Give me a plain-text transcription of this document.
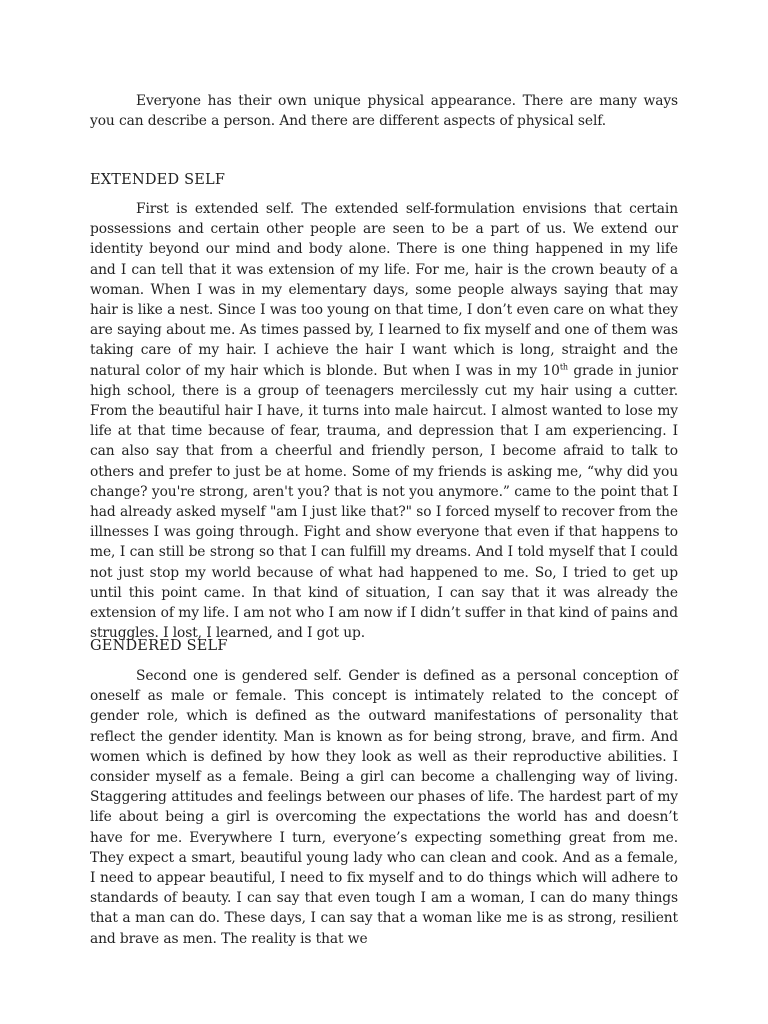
Everyone has their own unique physical appearance. There are many ways you can describe a person. And there are different aspects of physical self.

EXTENDED SELF

First is extended self. The extended self-formulation envisions that certain possessions and certain other people are seen to be a part of us. We extend our identity beyond our mind and body alone. There is one thing happened in my life and I can tell that it was extension of my life. For me, hair is the crown beauty of a woman. When I was in my elementary days, some people always saying that may hair is like a nest. Since I was too young on that time, I don’t even care on what they are saying about me. As times passed by, I learned to fix myself and one of them was taking care of my hair. I achieve the hair I want which is long, straight and the natural color of my hair which is blonde. But when I was in my 10th grade in junior high school, there is a group of teenagers mercilessly cut my hair using a cutter. From the beautiful hair I have, it turns into male haircut. I almost wanted to lose my life at that time because of fear, trauma, and depression that I am experiencing. I can also say that from a cheerful and friendly person, I become afraid to talk to others and prefer to just be at home. Some of my friends is asking me, “why did you change? you're strong, aren't you? that is not you anymore.” came to the point that I had already asked myself "am I just like that?" so I forced myself to recover from the illnesses I was going through. Fight and show everyone that even if that happens to me, I can still be strong so that I can fulfill my dreams. And I told myself that I could not just stop my world because of what had happened to me. So, I tried to get up until this point came. In that kind of situation, I can say that it was already the extension of my life. I am not who I am now if I didn’t suffer in that kind of pains and struggles. I lost, I learned, and I got up.

GENDERED SELF

Second one is gendered self. Gender is defined as a personal conception of oneself as male or female. This concept is intimately related to the concept of gender role, which is defined as the outward manifestations of personality that reflect the gender identity. Man is known as for being strong, brave, and firm. And women which is defined by how they look as well as their reproductive abilities. I consider myself as a female. Being a girl can become a challenging way of living. Staggering attitudes and feelings between our phases of life. The hardest part of my life about being a girl is overcoming the expectations the world has and doesn’t have for me. Everywhere I turn, everyone’s expecting something great from me. They expect a smart, beautiful young lady who can clean and cook. And as a female, I need to appear beautiful, I need to fix myself and to do things which will adhere to standards of beauty. I can say that even tough I am a woman, I can do many things that a man can do. These days, I can say that a woman like me is as strong, resilient and brave as men. The reality is that we
